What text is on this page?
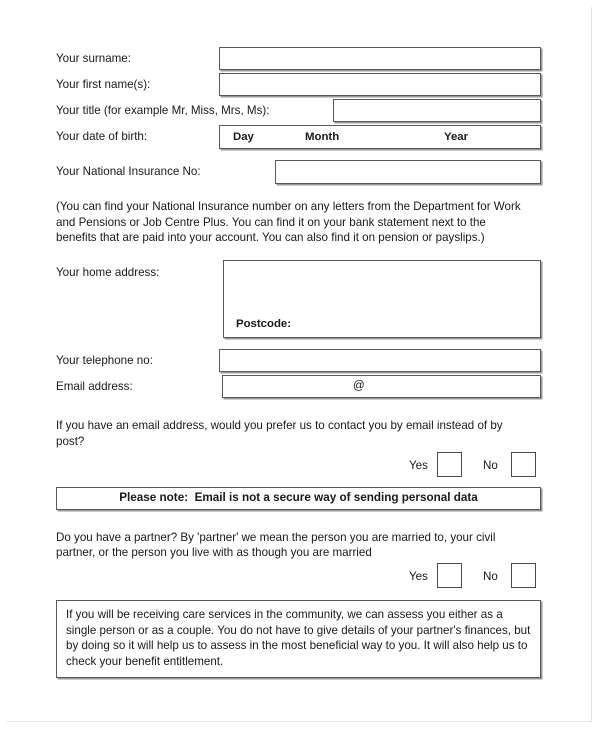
Your surname:
Your first name(s):
Your title (for example Mr, Miss, Mrs, Ms):
Your date of birth:	Day	Month	Year
Your National Insurance No:

(You can find your National Insurance number on any letters from the Department for Work and Pensions or Job Centre Plus. You can find it on your bank statement next to the benefits that are paid into your account. You can also find it on pension or payslips.)

Your home address:
Postcode:
Your telephone no:
Email address:	@

If you have an email address, would you prefer us to contact you by email instead of by post?

Yes	No
Please note:  Email is not a secure way of sending personal data

Do you have a partner? By 'partner' we mean the person you are married to, your civil partner, or the person you live with as though you are married

Yes	No
If you will be receiving care services in the community, we can assess you either as a single person or as a couple. You do not have to give details of your partner's finances, but by doing so it will help us to assess in the most beneficial way to you. It will also help us to check your benefit entitlement.
